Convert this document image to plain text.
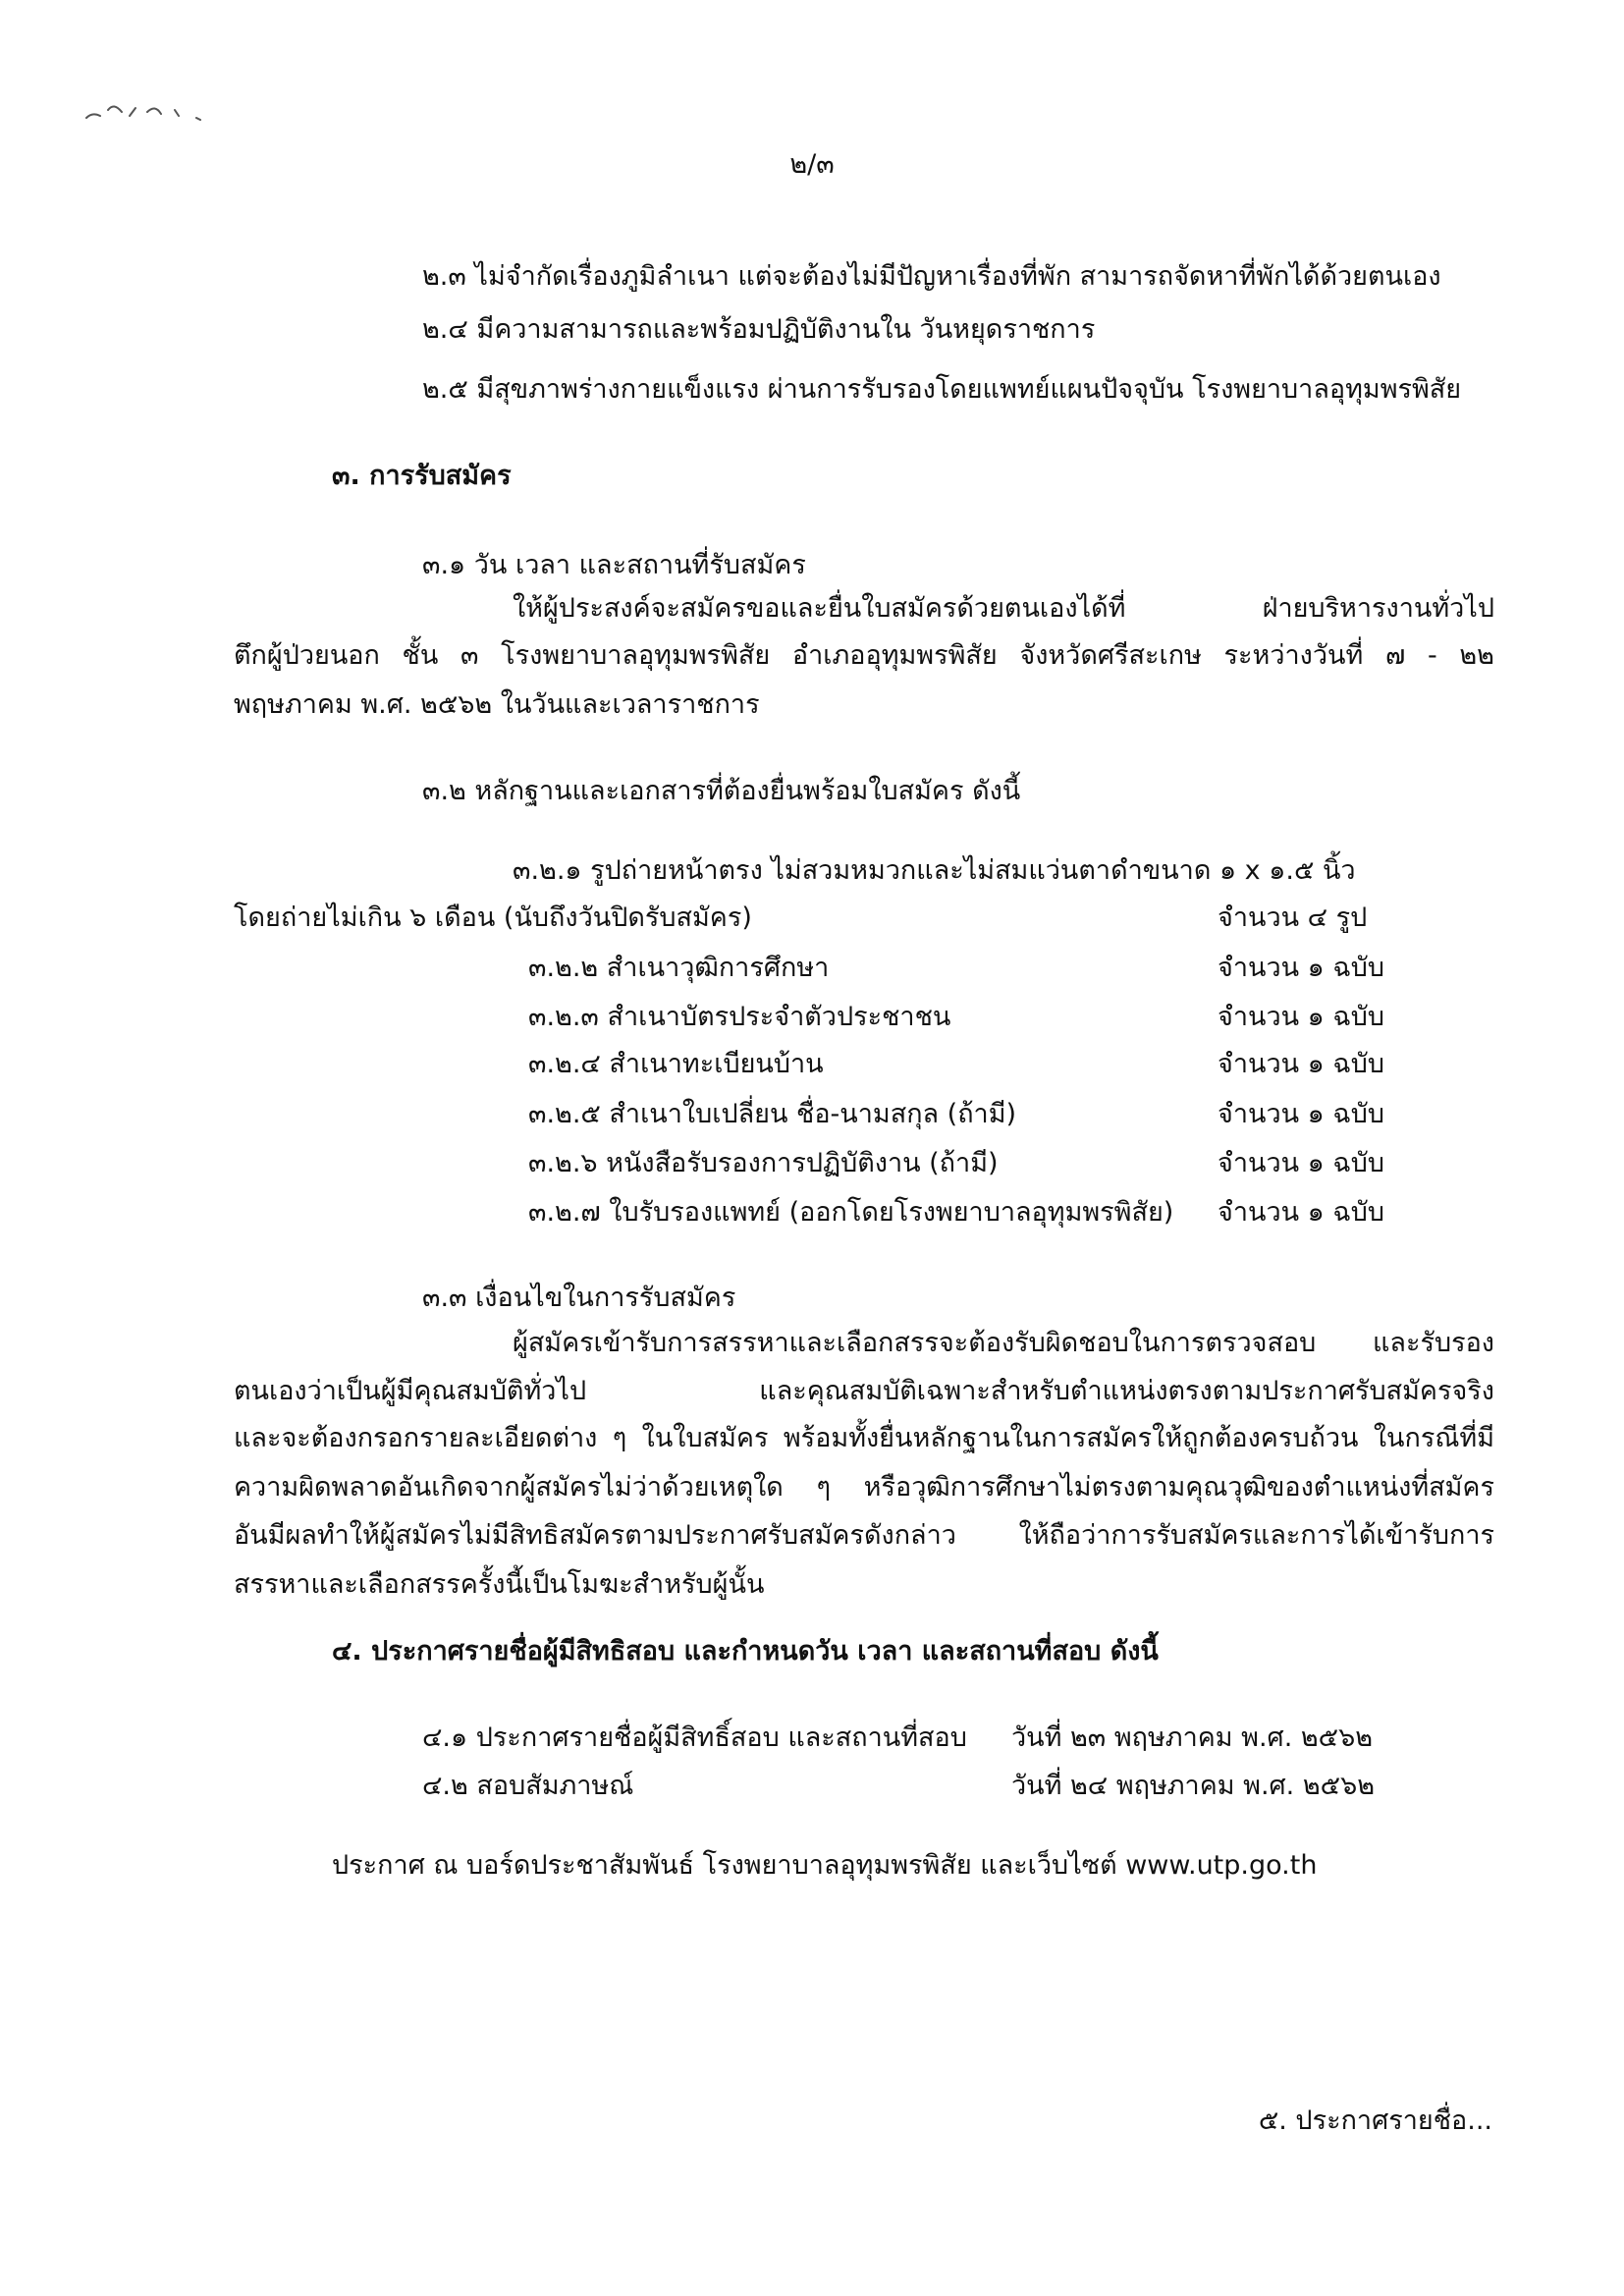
๒/๓
๒.๓ ไม่จำกัดเรื่องภูมิลำเนา แต่จะต้องไม่มีปัญหาเรื่องที่พัก สามารถจัดหาที่พักได้ด้วยตนเอง
๒.๔ มีความสามารถและพร้อมปฏิบัติงานใน วันหยุดราชการ
๒.๕ มีสุขภาพร่างกายแข็งแรง ผ่านการรับรองโดยแพทย์แผนปัจจุบัน โรงพยาบาลอุทุมพรพิสัย
๓. การรับสมัคร
๓.๑ วัน เวลา และสถานที่รับสมัคร
ให้ผู้ประสงค์จะสมัครขอและยื่นใบสมัครด้วยตนเองได้ที่ ฝ่ายบริหารงานทั่วไป
ตึกผู้ป่วยนอก ชั้น ๓ โรงพยาบาลอุทุมพรพิสัย อำเภออุทุมพรพิสัย จังหวัดศรีสะเกษ ระหว่างวันที่ ๗ - ๒๒
พฤษภาคม พ.ศ. ๒๕๖๒ ในวันและเวลาราชการ
๓.๒ หลักฐานและเอกสารที่ต้องยื่นพร้อมใบสมัคร ดังนี้
๓.๒.๑ รูปถ่ายหน้าตรง ไม่สวมหมวกและไม่สมแว่นตาดำขนาด ๑ x ๑.๕ นิ้ว
โดยถ่ายไม่เกิน ๖ เดือน (นับถึงวันปิดรับสมัคร)	จำนวน ๔ รูป
๓.๒.๒ สำเนาวุฒิการศึกษา	จำนวน ๑ ฉบับ
๓.๒.๓ สำเนาบัตรประจำตัวประชาชน	จำนวน ๑ ฉบับ
๓.๒.๔ สำเนาทะเบียนบ้าน	จำนวน ๑ ฉบับ
๓.๒.๕ สำเนาใบเปลี่ยน ชื่อ-นามสกุล (ถ้ามี)	จำนวน ๑ ฉบับ
๓.๒.๖ หนังสือรับรองการปฏิบัติงาน (ถ้ามี)	จำนวน ๑ ฉบับ
๓.๒.๗ ใบรับรองแพทย์ (ออกโดยโรงพยาบาลอุทุมพรพิสัย) จำนวน ๑ ฉบับ
๓.๓ เงื่อนไขในการรับสมัคร
ผู้สมัครเข้ารับการสรรหาและเลือกสรรจะต้องรับผิดชอบในการตรวจสอบ และรับรอง
ตนเองว่าเป็นผู้มีคุณสมบัติทั่วไป และคุณสมบัติเฉพาะสำหรับตำแหน่งตรงตามประกาศรับสมัครจริง
และจะต้องกรอกรายละเอียดต่าง ๆ ในใบสมัคร พร้อมทั้งยื่นหลักฐานในการสมัครให้ถูกต้องครบถ้วน ในกรณีที่มี
ความผิดพลาดอันเกิดจากผู้สมัครไม่ว่าด้วยเหตุใด ๆ หรือวุฒิการศึกษาไม่ตรงตามคุณวุฒิของตำแหน่งที่สมัคร
อันมีผลทำให้ผู้สมัครไม่มีสิทธิสมัครตามประกาศรับสมัครดังกล่าว ให้ถือว่าการรับสมัครและการได้เข้ารับการ
สรรหาและเลือกสรรครั้งนี้เป็นโมฆะสำหรับผู้นั้น
๔. ประกาศรายชื่อผู้มีสิทธิสอบ และกำหนดวัน เวลา และสถานที่สอบ ดังนี้
๔.๑ ประกาศรายชื่อผู้มีสิทธิ์สอบ และสถานที่สอบ วันที่ ๒๓ พฤษภาคม พ.ศ. ๒๕๖๒
๔.๒ สอบสัมภาษณ์	วันที่ ๒๔ พฤษภาคม พ.ศ. ๒๕๖๒
ประกาศ ณ บอร์ดประชาสัมพันธ์ โรงพยาบาลอุทุมพรพิสัย และเว็บไซต์ www.utp.go.th
๕. ประกาศรายชื่อ...
